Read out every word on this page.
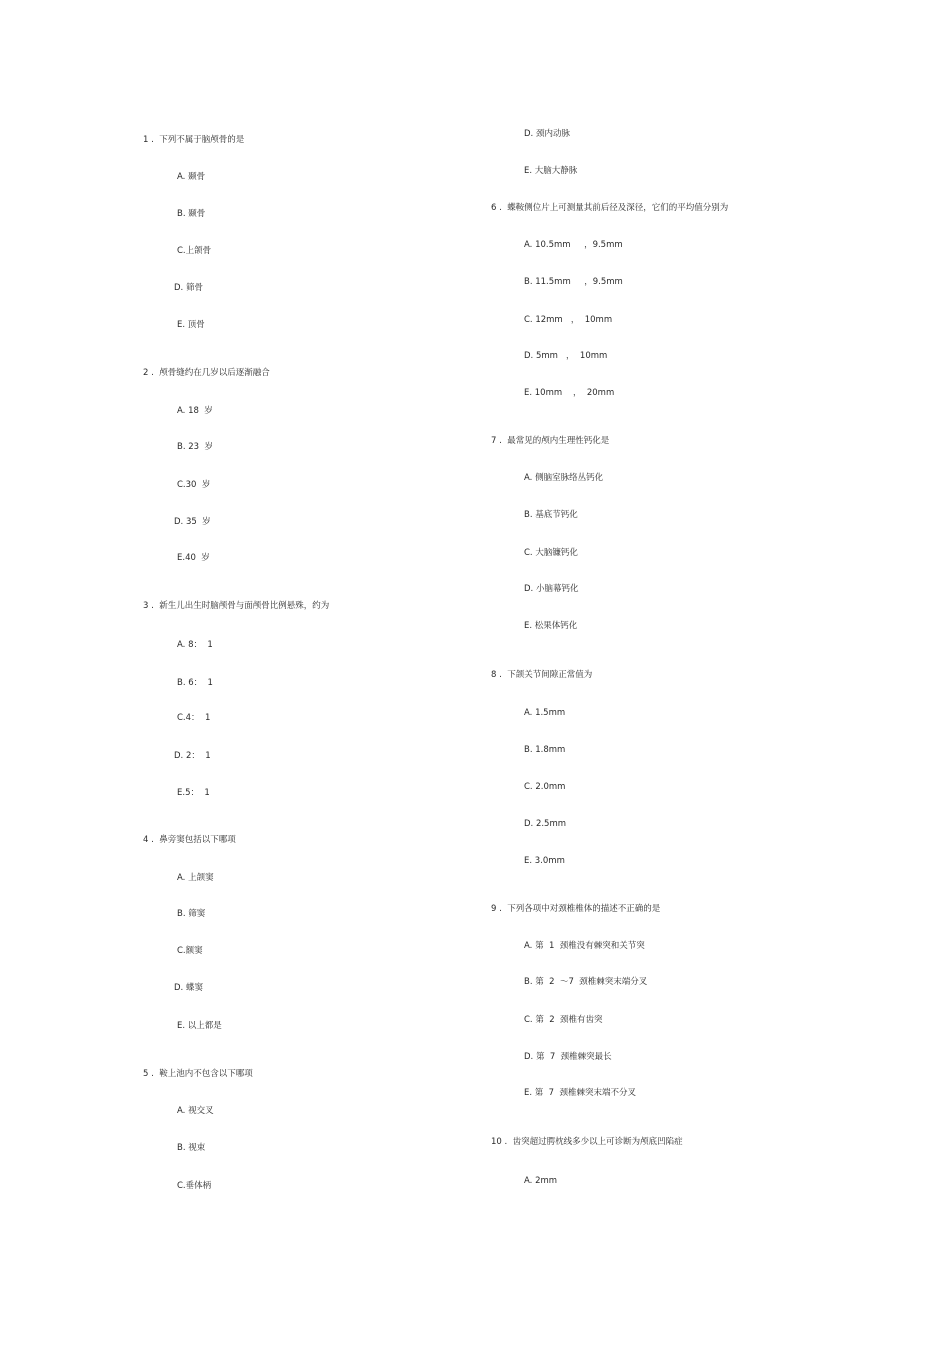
1 . 下列不属于脑颅骨的是
A. 颞骨
B. 颞骨
C.上颌骨
D. 筛骨
E. 顶骨
2 . 颅骨缝约在几岁以后逐渐融合
A. 18  岁
B. 23  岁
C.30  岁
D. 35  岁
E.40  岁
3 . 新生儿出生时脑颅骨与面颅骨比例悬殊，约为
A. 8：  1
B. 6：  1
C.4：  1
D. 2：  1
E.5：  1
4 . 鼻旁窦包括以下哪项
A. 上颌窦
B. 筛窦
C.额窦
D. 蝶窦
E. 以上都是
5 . 鞍上池内不包含以下哪项
A. 视交叉
B. 视束
C.垂体柄
D. 颈内动脉
E. 大脑大静脉
6 . 蝶鞍侧位片上可测量其前后径及深径，它们的平均值分别为
A. 10.5mm     ，9.5mm
B. 11.5mm     ，9.5mm
C. 12mm   ，  10mm
D. 5mm   ，  10mm
E. 10mm    ，  20mm
7 . 最常见的颅内生理性钙化是
A. 侧脑室脉络丛钙化
B. 基底节钙化
C. 大脑镰钙化
D. 小脑幕钙化
E. 松果体钙化
8 . 下颌关节间隙正常值为
A. 1.5mm
B. 1.8mm
C. 2.0mm
D. 2.5mm
E. 3.0mm
9 . 下列各项中对颈椎椎体的描述不正确的是
A. 第  1  颈椎没有棘突和关节突
B. 第  2  ～7  颈椎棘突末端分叉
C. 第  2  颈椎有齿突
D. 第  7  颈椎棘突最长
E. 第  7  颈椎棘突末端不分叉
10 . 齿突超过腭枕线多少以上可诊断为颅底凹陷症
A. 2mm
